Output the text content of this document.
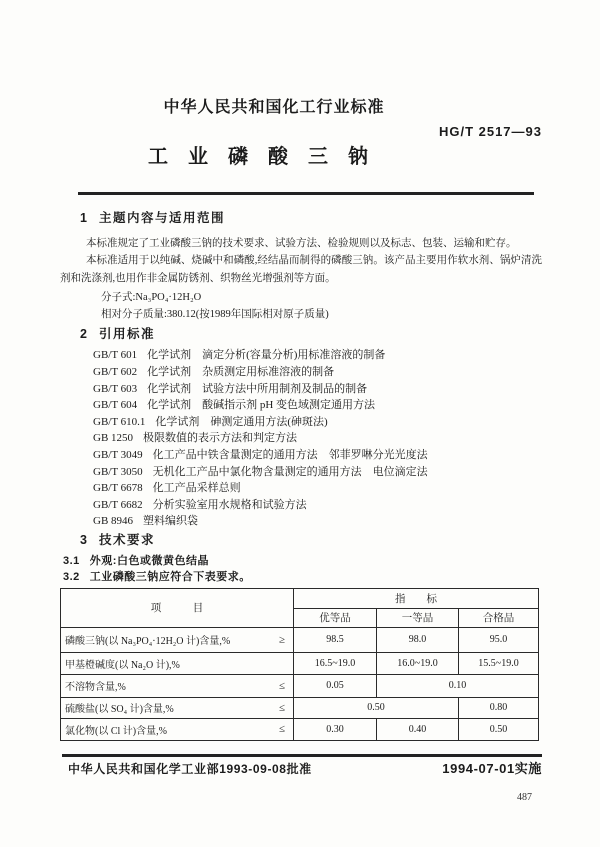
中华人民共和国化工行业标准
HG/T 2517—93
工业磷酸三钠
1 主题内容与适用范围

本标准规定了工业磷酸三钠的技术要求、试验方法、检验规则以及标志、包装、运输和贮存。

本标准适用于以纯碱、烧碱中和磷酸,经结晶而制得的磷酸三钠。该产品主要用作软水剂、锅炉清洗剂和洗涤剂,也用作非金属防锈剂、织物丝光增强剂等方面。

分子式:Na₃PO₄·12H₂O

相对分子质量:380.12(按1989年国际相对原子质量)

2 引用标准
GB/T 601 化学试剂　滴定分析(容量分析)用标准溶液的制备
GB/T 602 化学试剂　杂质测定用标准溶液的制备
GB/T 603 化学试剂　试验方法中所用制剂及制品的制备
GB/T 604 化学试剂　酸碱指示剂 pH 变色域测定通用方法
GB/T 610.1 化学试剂　砷测定通用方法(砷斑法)
GB 1250 极限数值的表示方法和判定方法
GB/T 3049 化工产品中铁含量测定的通用方法　邻菲罗啉分光光度法
GB/T 3050 无机化工产品中氯化物含量测定的通用方法　电位滴定法
GB/T 6678 化工产品采样总则
GB/T 6682 分析实验室用水规格和试验方法
GB 8946 塑料编织袋
3 技术要求

3.1 外观:白色或微黄色结晶

3.2 工业磷酸三钠应符合下表要求。

项　　　目	指　　标		
	优等品	一等品	合格品

磷酸三钠(以 Na₃PO₄·12H₂O 计)含量,% ≥	98.5	98.0	95.0

甲基橙碱度(以 Na₂O 计),%	16.5~19.0	16.0~19.0	15.5~19.0

不溶物含量,% ≤	0.05	0.10	

硫酸盐(以 SO₄ 计)含量,% ≤	0.50		0.80

氯化物(以 Cl 计)含量,% ≤	0.30	0.40	0.50
中华人民共和国化学工业部1993-09-08批准	1994-07-01实施
487
